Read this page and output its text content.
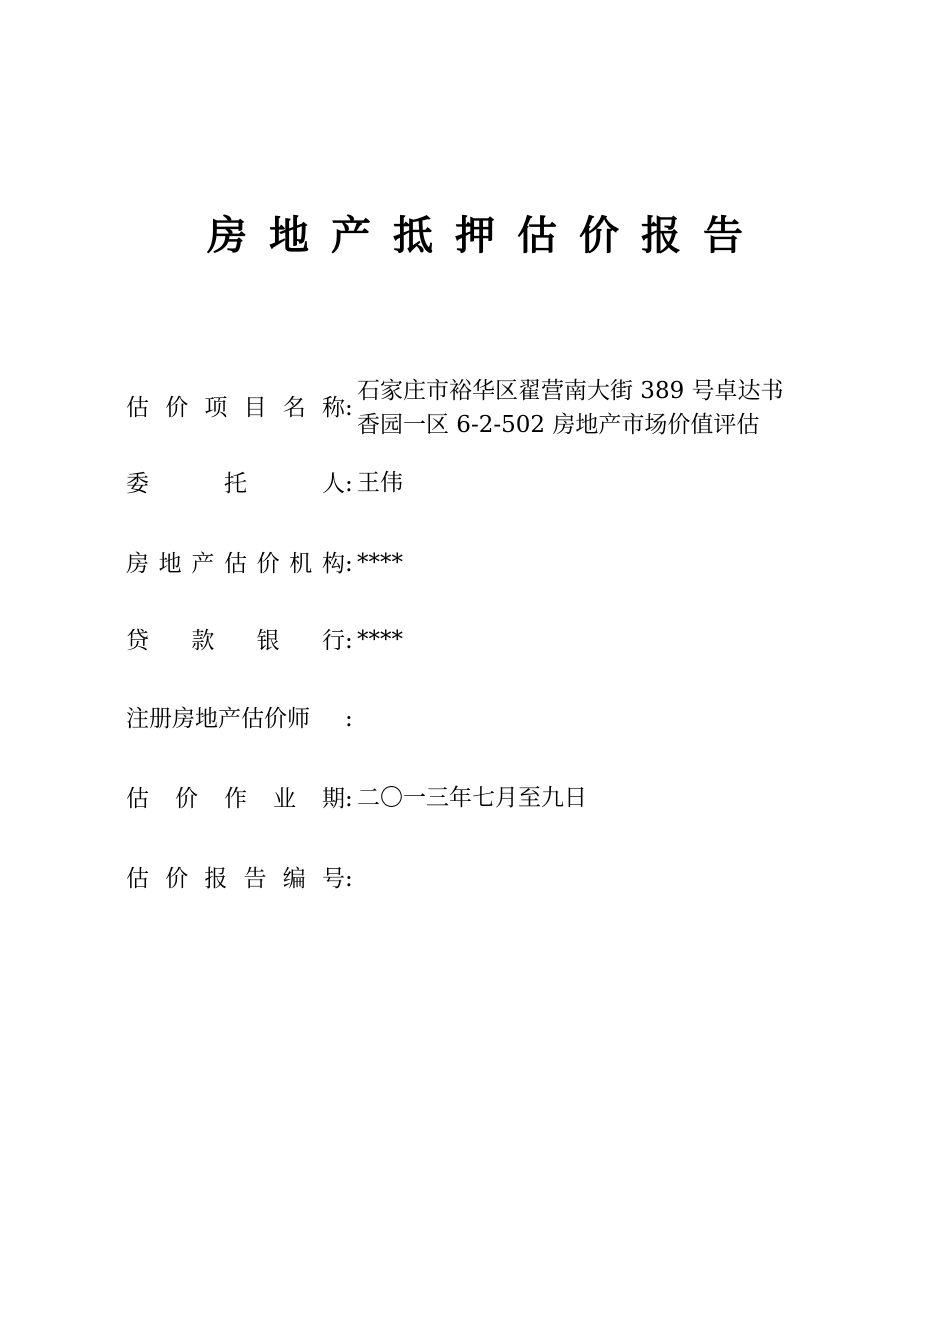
房地产抵押估价报告
估 价 项 目 名 称 :
石家庄市裕华区翟营南大街 389 号卓达书
香园一区 6-2-502 房地产市场价值评估
委	托	人 : 王伟
房 地 产 估 价 机 构 : ****
贷 款 银 行 : ****
注册房地产估价师	:
估 价 作 业 期 : 二〇一三年七月至九日
估 价 报 告 编 号 :
